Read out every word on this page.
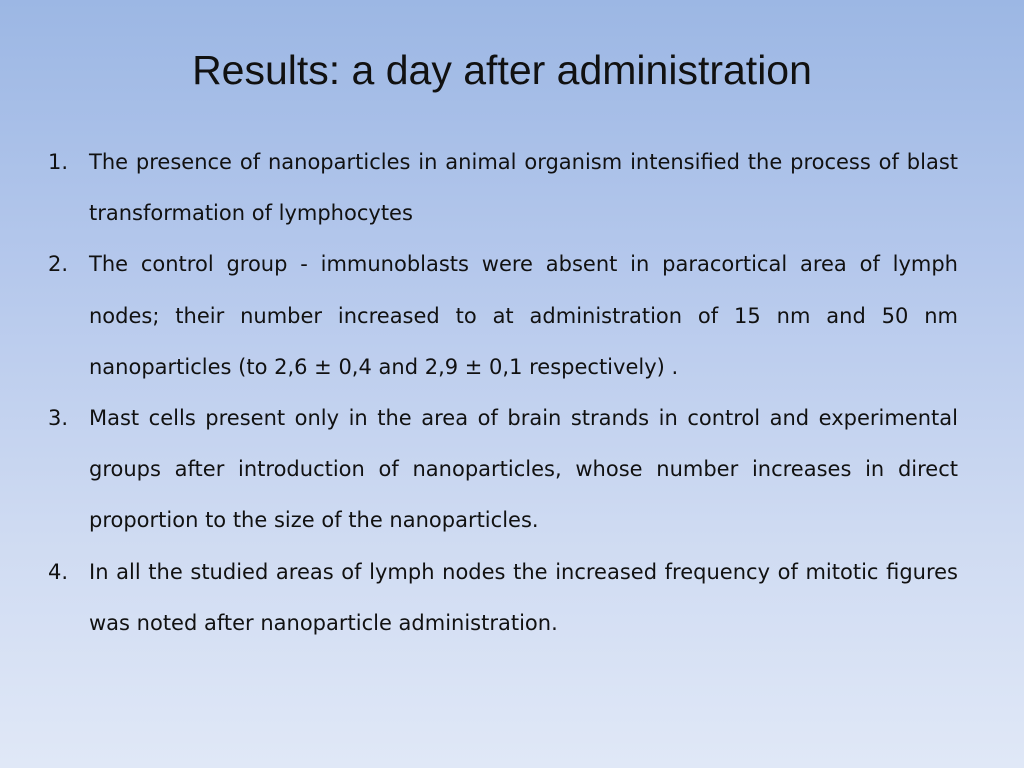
Results: a day after administration
1. The presence of nanoparticles in animal organism intensified the process of blast transformation of lymphocytes
2. The control group - immunoblasts were absent in paracortical area of lymph nodes; their number increased to at administration of 15 nm and 50 nm nanoparticles (to 2,6 ± 0,4 and 2,9 ± 0,1 respectively) .
3. Mast cells present only in the area of brain strands in control and experimental groups after introduction of nanoparticles, whose number increases in direct proportion to the size of the nanoparticles.
4. In all the studied areas of lymph nodes the increased frequency of mitotic figures was noted after nanoparticle administration.
